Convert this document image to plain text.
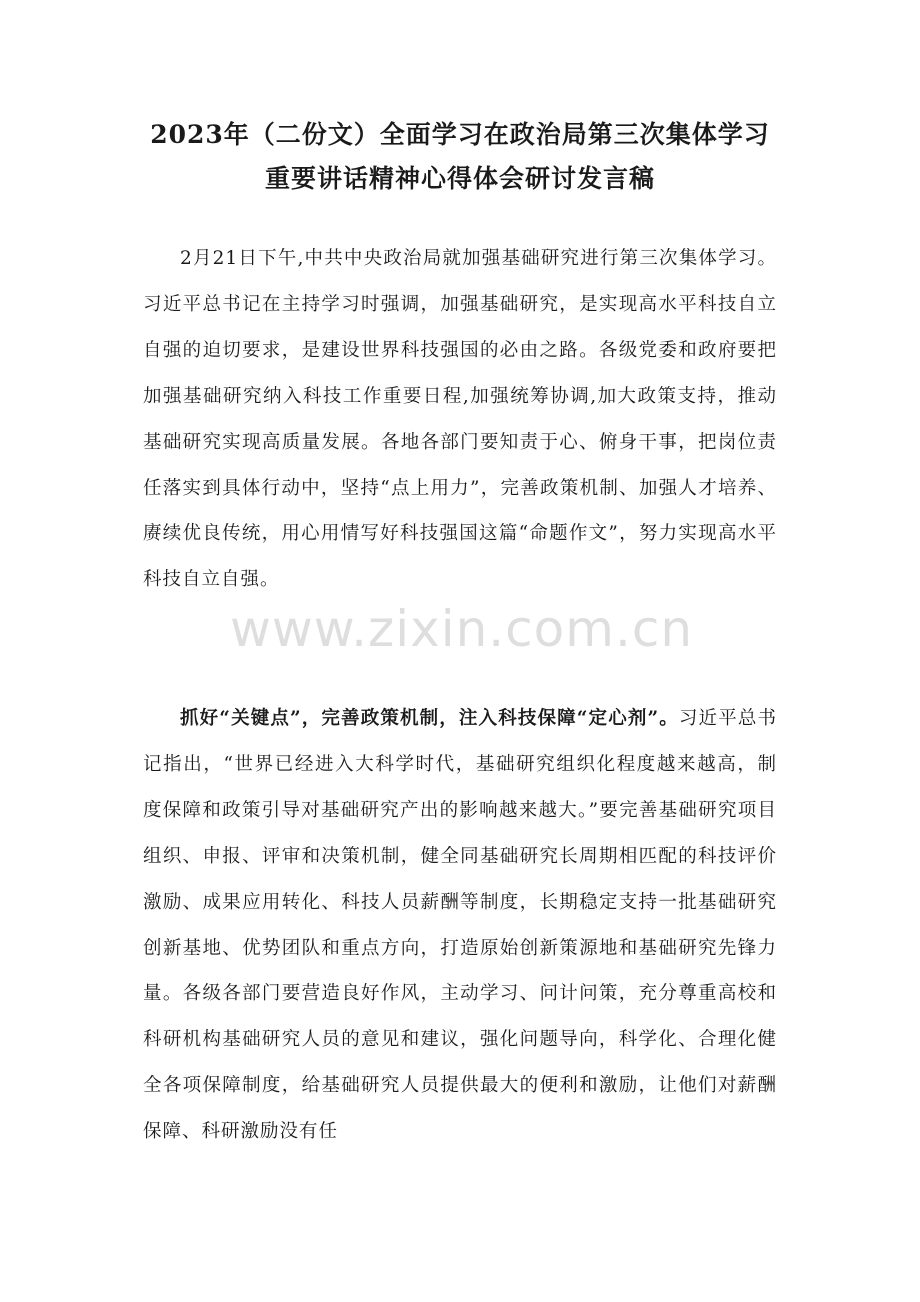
2023年（二份文）全面学习在政治局第三次集体学习
重要讲话精神心得体会研讨发言稿

2月21日下午,中共中央政治局就加强基础研究进行第三次集体学习。习近平总书记在主持学习时强调，加强基础研究，是实现高水平科技自立自强的迫切要求，是建设世界科技强国的必由之路。各级党委和政府要把加强基础研究纳入科技工作重要日程,加强统筹协调,加大政策支持，推动基础研究实现高质量发展。各地各部门要知责于心、俯身干事，把岗位责任落实到具体行动中，坚持“点上用力”，完善政策机制、加强人才培养、赓续优良传统，用心用情写好科技强国这篇“命题作文”，努力实现高水平科技自立自强。

抓好“关键点”，完善政策机制，注入科技保障“定心剂”。习近平总书记指出，“世界已经进入大科学时代，基础研究组织化程度越来越高，制度保障和政策引导对基础研究产出的影响越来越大。”要完善基础研究项目组织、申报、评审和决策机制，健全同基础研究长周期相匹配的科技评价激励、成果应用转化、科技人员薪酬等制度，长期稳定支持一批基础研究创新基地、优势团队和重点方向，打造原始创新策源地和基础研究先锋力量。各级各部门要营造良好作风，主动学习、问计问策，充分尊重高校和科研机构基础研究人员的意见和建议，强化问题导向，科学化、合理化健全各项保障制度，给基础研究人员提供最大的便利和激励，让他们对薪酬保障、科研激励没有任

www.zixin.com.cn
